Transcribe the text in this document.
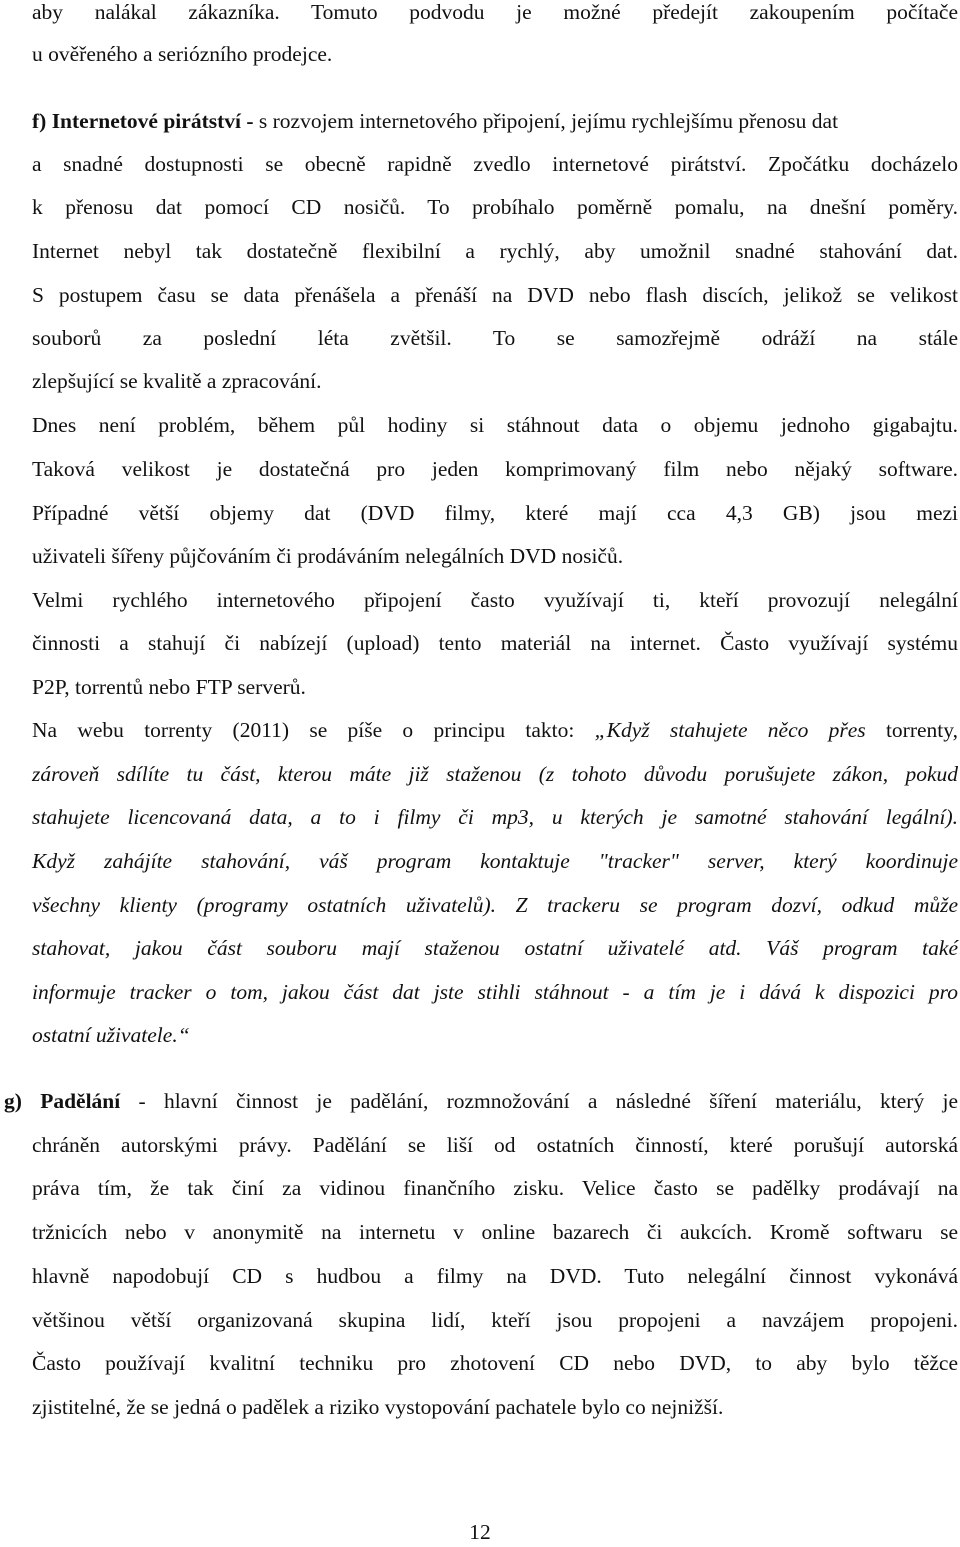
aby nalákal zákazníka. Tomuto podvodu je možné předejít zakoupením počítače
u ověřeného a seriózního prodejce.
f) Internetové pirátství - s rozvojem internetového připojení, jejímu rychlejšímu přenosu dat
a snadné dostupnosti se obecně rapidně zvedlo internetové pirátství. Zpočátku docházelo
k přenosu dat pomocí CD nosičů. To probíhalo poměrně pomalu, na dnešní poměry.
Internet nebyl tak dostatečně flexibilní a rychlý, aby umožnil snadné stahování dat.
S postupem času se data přenášela a přenáší na DVD nebo flash discích, jelikož se velikost
souborů za poslední léta zvětšil. To se samozřejmě odráží na stále
zlepšující se kvalitě a zpracování.
Dnes není problém, během půl hodiny si stáhnout data o objemu jednoho gigabajtu.
Taková velikost je dostatečná pro jeden komprimovaný film nebo nějaký software.
Případné větší objemy dat (DVD filmy, které mají cca 4,3 GB) jsou mezi
uživateli šířeny půjčováním či prodáváním nelegálních DVD nosičů.
Velmi rychlého internetového připojení často využívají ti, kteří provozují nelegální
činnosti a stahují či nabízejí (upload) tento materiál na internet. Často využívají systému
P2P, torrentů nebo FTP serverů.
Na webu torrenty (2011) se píše o principu takto: „Když stahujete něco přes torrenty,
zároveň sdílíte tu část, kterou máte již staženou (z tohoto důvodu porušujete zákon, pokud
stahujete licencovaná data, a to i filmy či mp3, u kterých je samotné stahování legální).
Když zahájíte stahování, váš program kontaktuje "tracker" server, který koordinuje
všechny klienty (programy ostatních uživatelů). Z trackeru se program dozví, odkud může
stahovat, jakou část souboru mají staženou ostatní uživatelé atd. Váš program také
informuje tracker o tom, jakou část dat jste stihli stáhnout - a tím je i dává k dispozici pro
ostatní uživatele.“
g) Padělání - hlavní činnost je padělání, rozmnožování a následné šíření materiálu, který je
chráněn autorskými právy. Padělání se liší od ostatních činností, které porušují autorská
práva tím, že tak činí za vidinou finančního zisku. Velice často se padělky prodávají na
tržnicích nebo v anonymitě na internetu v online bazarech či aukcích. Kromě softwaru se
hlavně napodobují CD s hudbou a filmy na DVD. Tuto nelegální činnost vykonává
většinou větší organizovaná skupina lidí, kteří jsou propojeni a navzájem propojeni.
Často používají kvalitní techniku pro zhotovení CD nebo DVD, to aby bylo těžce
zjistitelné, že se jedná o padělek a riziko vystopování pachatele bylo co nejnižší.
12
